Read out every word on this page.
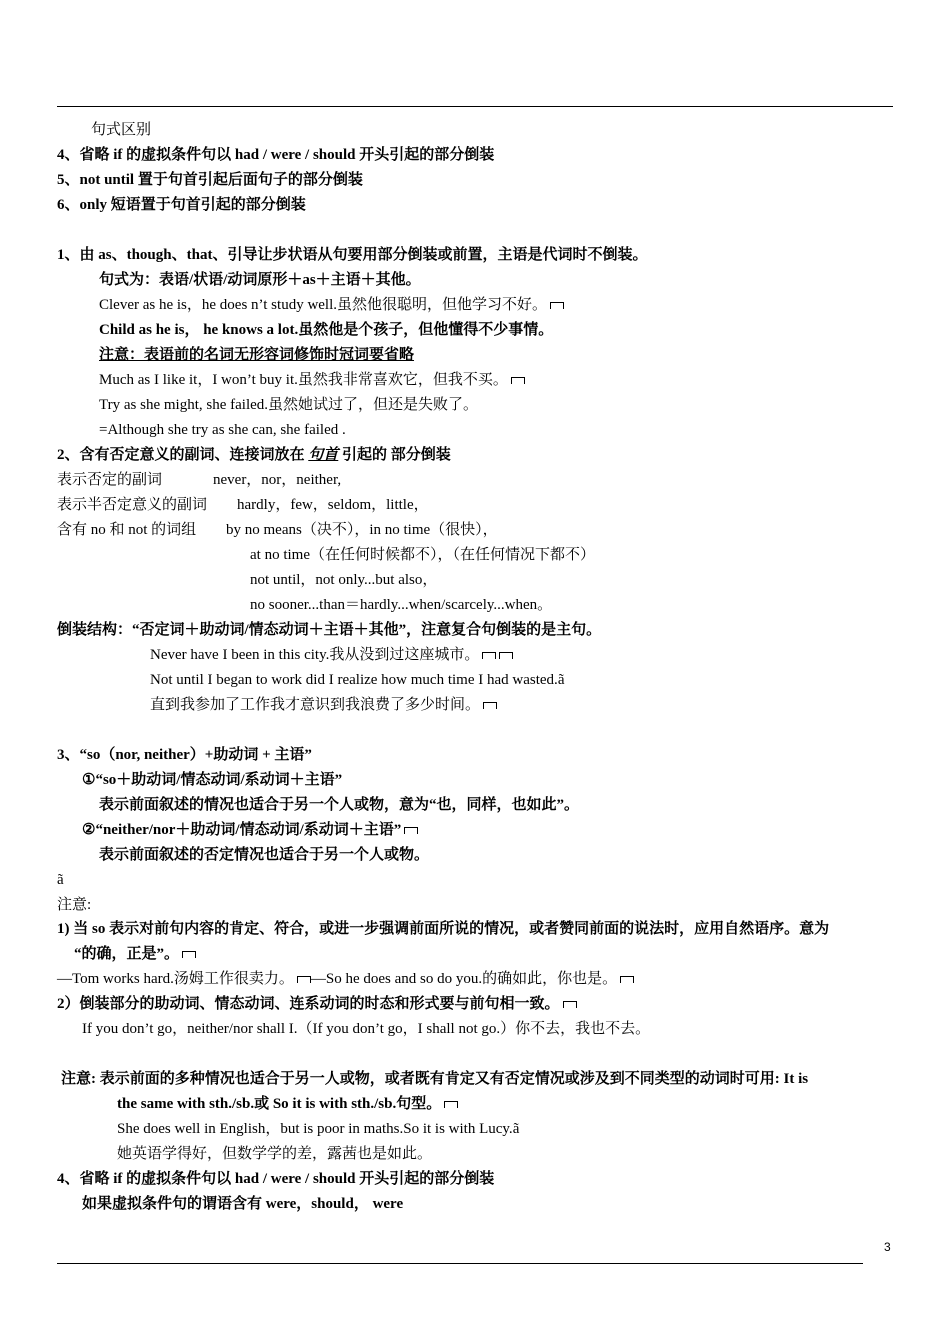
句式区别
4、省略 if 的虚拟条件句以 had / were / should 开头引起的部分倒装
5、not until 置于句首引起后面句子的部分倒装
6、only 短语置于句首引起的部分倒装
1、由 as、though、that、引导让步状语从句要用部分倒装或前置，主语是代词时不倒装。
句式为：表语/状语/动词原形＋as＋主语＋其他。
Clever as he is，he does n’t study well.虽然他很聪明，但他学习不好。
Child as he is， he knows a lot.虽然他是个孩子，但他懂得不少事情。
注意：表语前的名词无形容词修饰时冠词要省略
Much as I like it，I won’t buy it.虽然我非常喜欢它，但我不买。
Try as she might, she failed.虽然她试过了，但还是失败了。
=Although she try as she can, she failed .
2、含有否定意义的副词、连接词放在 句首 引起的 部分倒装
表示否定的副词	never，nor，neither,
表示半否定意义的副词 hardly，few，seldom，little，
含有 no 和 not 的词组 by no means（决不），in no time（很快），
at no time（在任何时候都不），（在任何情况下都不）
not until，not only...but also，
no sooner...than＝hardly...when/scarcely...when。
倒装结构：“否定词＋助动词/情态动词＋主语＋其他”，注意复合句倒装的是主句。
Never have I been in this city.我从没到过这座城市。
Not until I began to work did I realize how much time I had wasted.ã
直到我参加了工作我才意识到我浪费了多少时间。
3、“so（nor, neither）+助动词 + 主语”
①“so＋助动词/情态动词/系动词＋主语”
表示前面叙述的情况也适合于另一个人或物，意为“也，同样，也如此”。
②“neither/nor＋助动词/情态动词/系动词＋主语”
表示前面叙述的否定情况也适合于另一个人或物。
ã
注意:
1) 当 so 表示对前句内容的肯定、符合，或进一步强调前面所说的情况，或者赞同前面的说法时，应用自然语序。意为
“的确，正是”。
—Tom works hard.汤姆工作很卖力。 —So he does and so do you.的确如此，你也是。
2）倒装部分的助动词、情态动词、连系动词的时态和形式要与前句相一致。
If you don’t go，neither/nor shall I.（If you don’t go，I shall not go.）你不去，我也不去。
注意: 表示前面的多种情况也适合于另一人或物，或者既有肯定又有否定情况或涉及到不同类型的动词时可用: It is
the same with sth./sb.或 So it is with sth./sb.句型。
She does well in English，but is poor in maths.So it is with Lucy.ã
她英语学得好，但数学学的差，露茜也是如此。
4、省略 if 的虚拟条件句以 had / were / should 开头引起的部分倒装
如果虚拟条件句的谓语含有 were，should， were
3
